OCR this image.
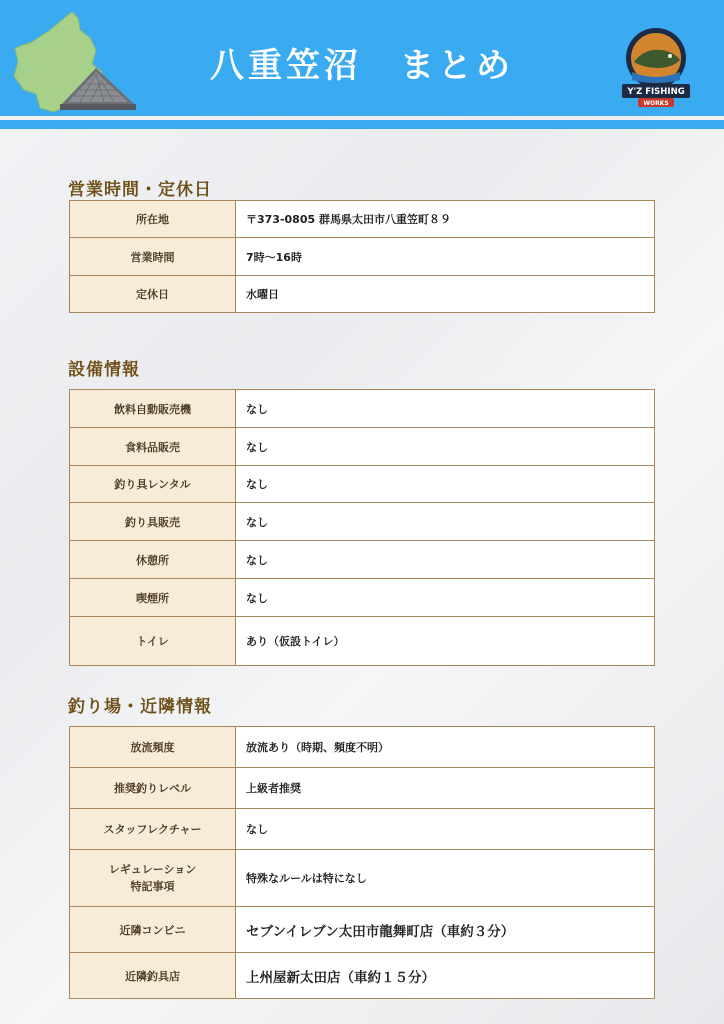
八重笠沼　まとめ
Y'Z FISHING
WORKS
営業時間・定休日
所在地	〒373-0805 群馬県太田市八重笠町８９
営業時間	7時〜16時
定休日	水曜日
設備情報
飲料自動販売機	なし
食料品販売	なし
釣り具レンタル	なし
釣り具販売	なし
休憩所	なし
喫煙所	なし
トイレ	あり（仮設トイレ）
釣り場・近隣情報
放流頻度	放流あり（時期、頻度不明）
推奨釣りレベル	上級者推奨
スタッフレクチャー	なし
レギュレーション
特記事項	特殊なルールは特になし
近隣コンビニ	セブンイレブン太田市龍舞町店（車約３分）
近隣釣具店	上州屋新太田店（車約１５分）
